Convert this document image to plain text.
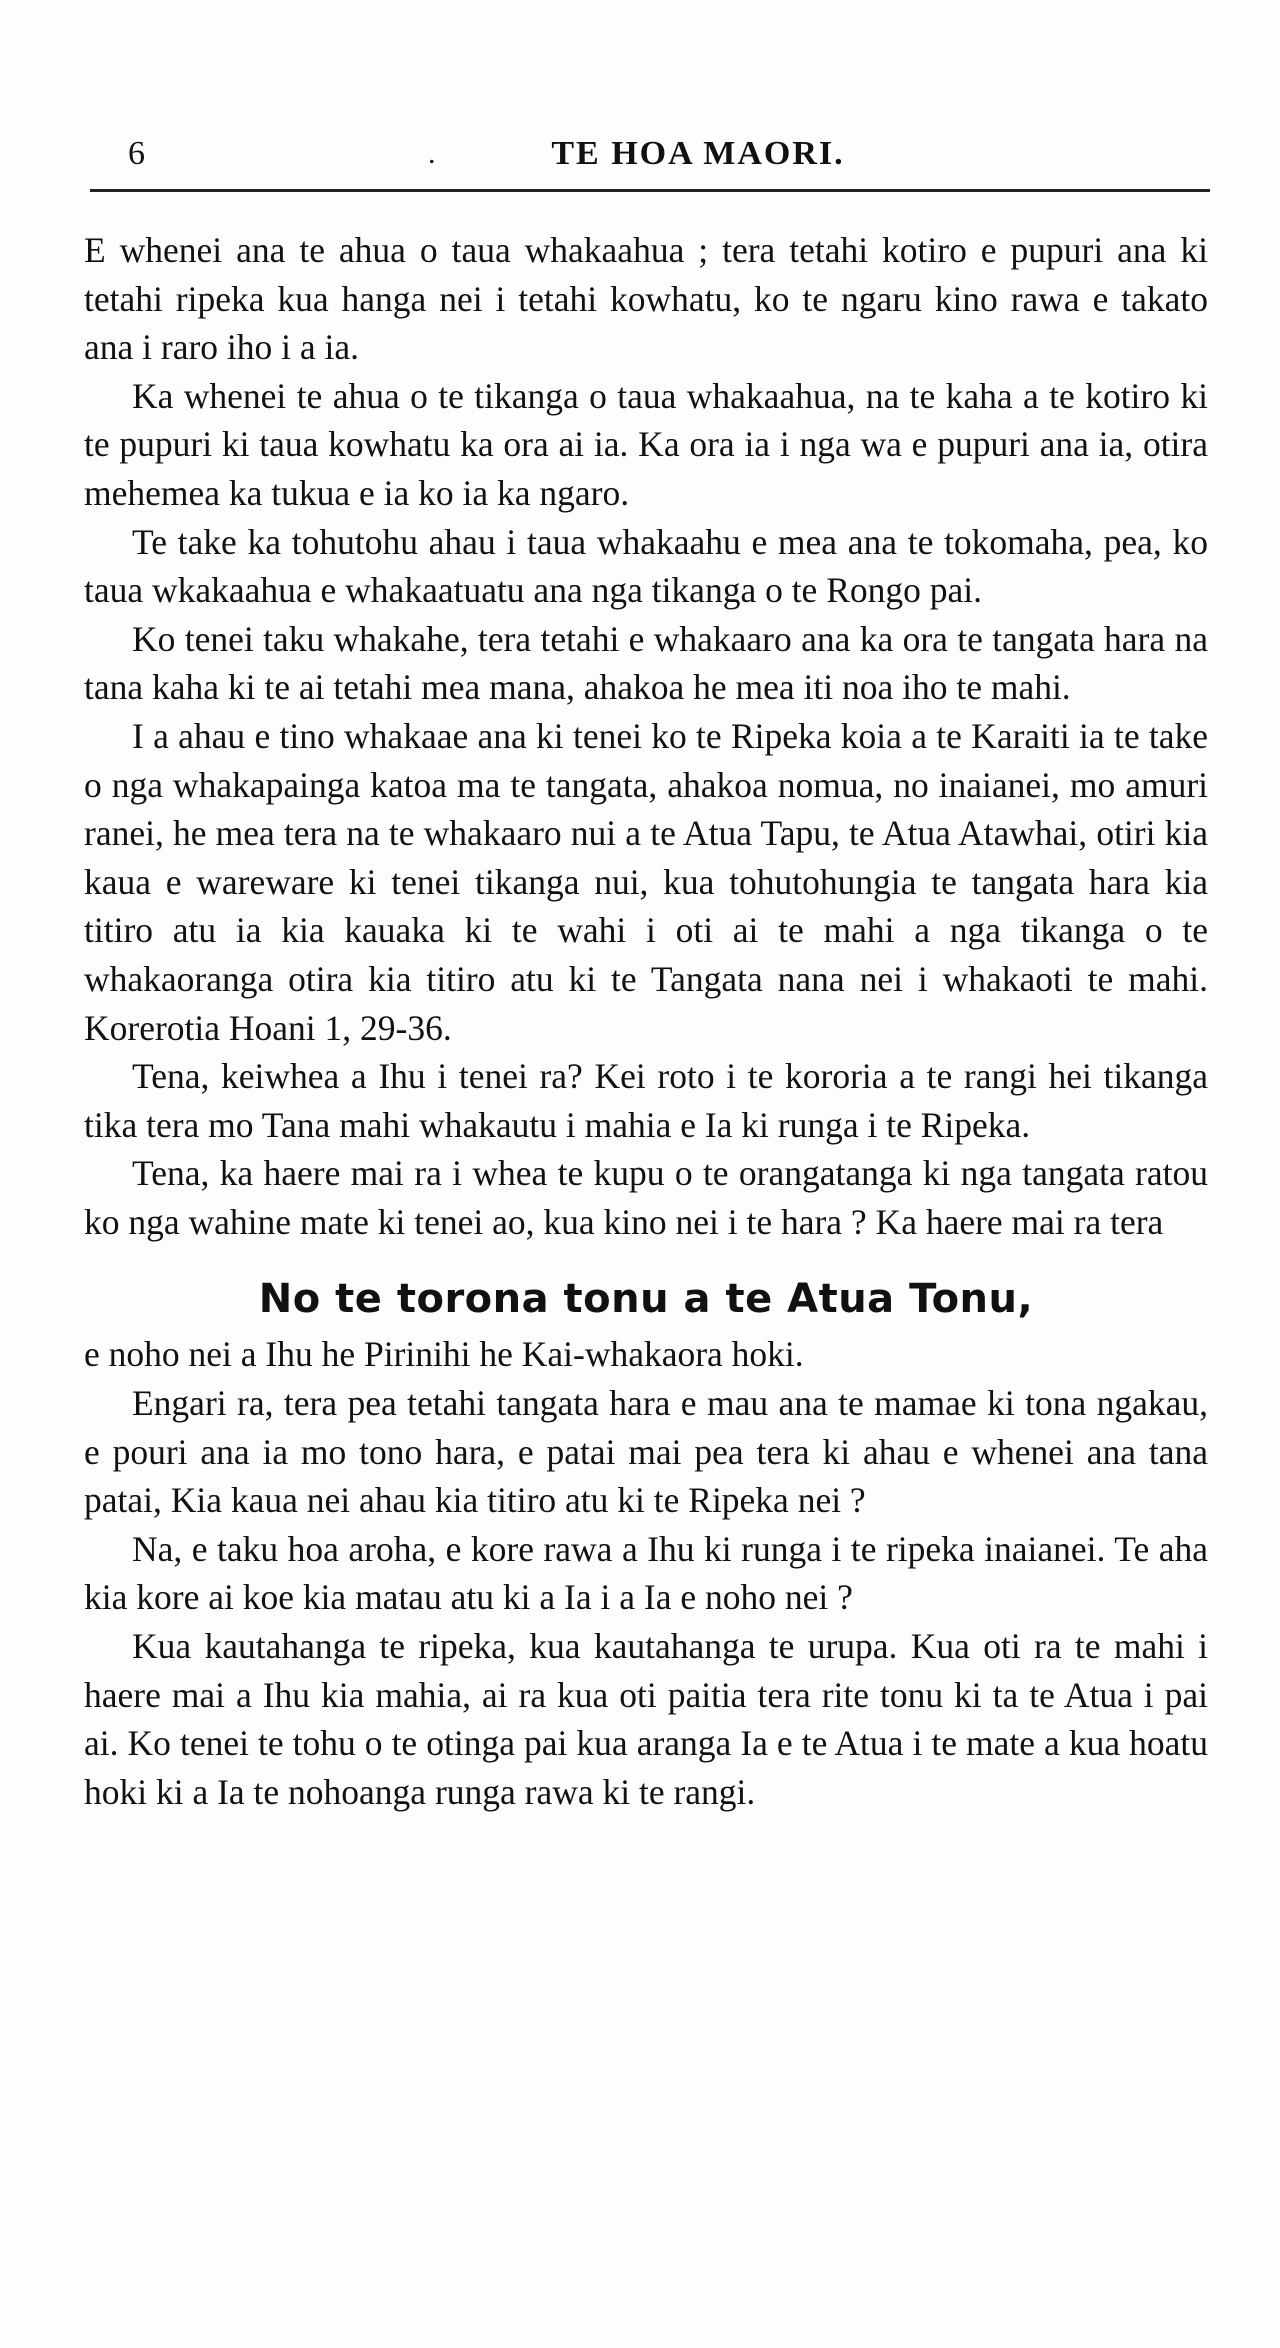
6	.	TE HOA MAORI.

E whenei ana te ahua o taua whakaahua ; tera tetahi kotiro e pupuri ana ki tetahi ripeka kua hanga nei i tetahi kowhatu, ko te ngaru kino rawa e takato ana i raro iho i a ia.

Ka whenei te ahua o te tikanga o taua whakaahua, na te kaha a te kotiro ki te pupuri ki taua kowhatu ka ora ai ia. Ka ora ia i nga wa e pupuri ana ia, otira mehemea ka tukua e ia ko ia ka ngaro.

Te take ka tohutohu ahau i taua whakaahu e mea ana te tokomaha, pea, ko taua wkakaahua e whakaatuatu ana nga tikanga o te Rongo pai.

Ko tenei taku whakahe, tera tetahi e whakaaro ana ka ora te tangata hara na tana kaha ki te ai tetahi mea mana, ahakoa he mea iti noa iho te mahi.

I a ahau e tino whakaae ana ki tenei ko te Ripeka koia a te Karaiti ia te take o nga whakapainga katoa ma te tangata, ahakoa nomua, no inaianei, mo amuri ranei, he mea tera na te whakaaro nui a te Atua Tapu, te Atua Atawhai, otiri kia kaua e wareware ki tenei tikanga nui, kua tohutohungia te tangata hara kia titiro atu ia kia kauaka ki te wahi i oti ai te mahi a nga tikanga o te whakaoranga otira kia titiro atu ki te Tangata nana nei i whakaoti te mahi. Korerotia Hoani 1, 29-36.

Tena, keiwhea a Ihu i tenei ra? Kei roto i te kororia a te rangi hei tikanga tika tera mo Tana mahi whakautu i mahia e Ia ki runga i te Ripeka.

Tena, ka haere mai ra i whea te kupu o te orangatanga ki nga tangata ratou ko nga wahine mate ki tenei ao, kua kino nei i te hara ? Ka haere mai ra tera

No te torona tonu a te Atua Tonu,

e noho nei a Ihu he Pirinihi he Kai-whakaora hoki.

Engari ra, tera pea tetahi tangata hara e mau ana te mamae ki tona ngakau, e pouri ana ia mo tono hara, e patai mai pea tera ki ahau e whenei ana tana patai, Kia kaua nei ahau kia titiro atu ki te Ripeka nei ?

Na, e taku hoa aroha, e kore rawa a Ihu ki runga i te ripeka inaianei. Te aha kia kore ai koe kia matau atu ki a Ia i a Ia e noho nei ?

Kua kautahanga te ripeka, kua kautahanga te urupa. Kua oti ra te mahi i haere mai a Ihu kia mahia, ai ra kua oti paitia tera rite tonu ki ta te Atua i pai ai. Ko tenei te tohu o te otinga pai kua aranga Ia e te Atua i te mate a kua hoatu hoki ki a Ia te nohoanga runga rawa ki te rangi.
